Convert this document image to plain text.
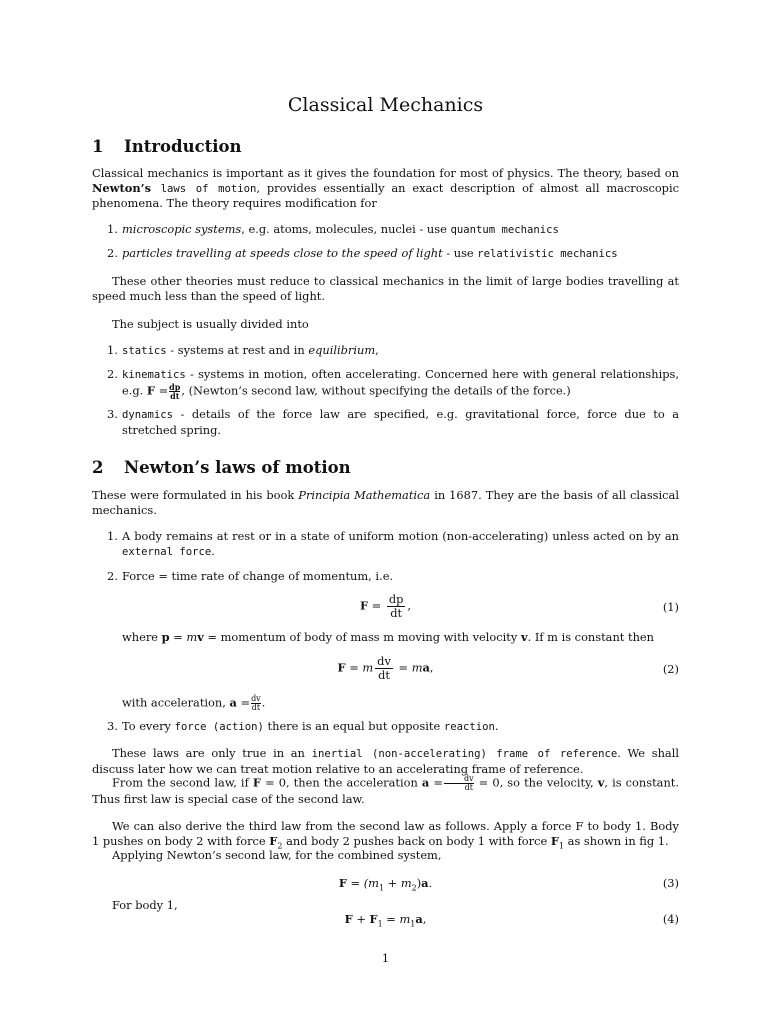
Classical Mechanics
1 Introduction
Classical mechanics is important as it gives the foundation for most of physics. The theory, based on Newton’s laws of motion, provides essentially an exact description of almost all macroscopic phenomena. The theory requires modification for
1. microscopic systems, e.g. atoms, molecules, nuclei - use quantum mechanics
2. particles travelling at speeds close to the speed of light - use relativistic mechanics
These other theories must reduce to classical mechanics in the limit of large bodies travelling at speed much less than the speed of light.
The subject is usually divided into
1. statics - systems at rest and in equilibrium,
2. kinematics - systems in motion, often accelerating. Concerned here with general relationships, e.g. $F = \frac{dp}{dt}$ , (Newton’s second law, without specifying the details of the force.)
3. dynamics - details of the force law are specified, e.g. gravitational force, force due to a stretched spring.
2 Newton’s laws of motion
These were formulated in his book Principia Mathematica in 1687. They are the basis of all classical mechanics.
1. A body remains at rest or in a state of uniform motion (non-accelerating) unless acted on by an external force.
2. Force = time rate of change of momentum, i.e.
$F = \frac{dp}{dt}$ ,	(1)
where p = mv = momentum of body of mass m moving with velocity v. If m is constant then
F = m $\frac{dv}{dt}$ = ma,	(2)
with acceleration, $a = \frac{dv}{dt}$ .
3. To every force (action) there is an equal but opposite reaction.
These laws are only true in an inertial (non-accelerating) frame of reference. We shall discuss later how we can treat motion relative to an accelerating frame of reference.
From the second law, if F = 0, then the acceleration $a = \frac{dv}{dt} = 0$, so the velocity, v, is constant. Thus first law is special case of the second law.
We can also derive the third law from the second law as follows. Apply a force F to body 1. Body 1 pushes on body 2 with force $F_2$ and body 2 pushes back on body 1 with force $F_1$ as shown in fig 1.
Applying Newton’s second law, for the combined system,
$F = (m_1 + m_2)a$.	(3)
For body 1,
$F + F_1 = m_1a$,	(4)
1
